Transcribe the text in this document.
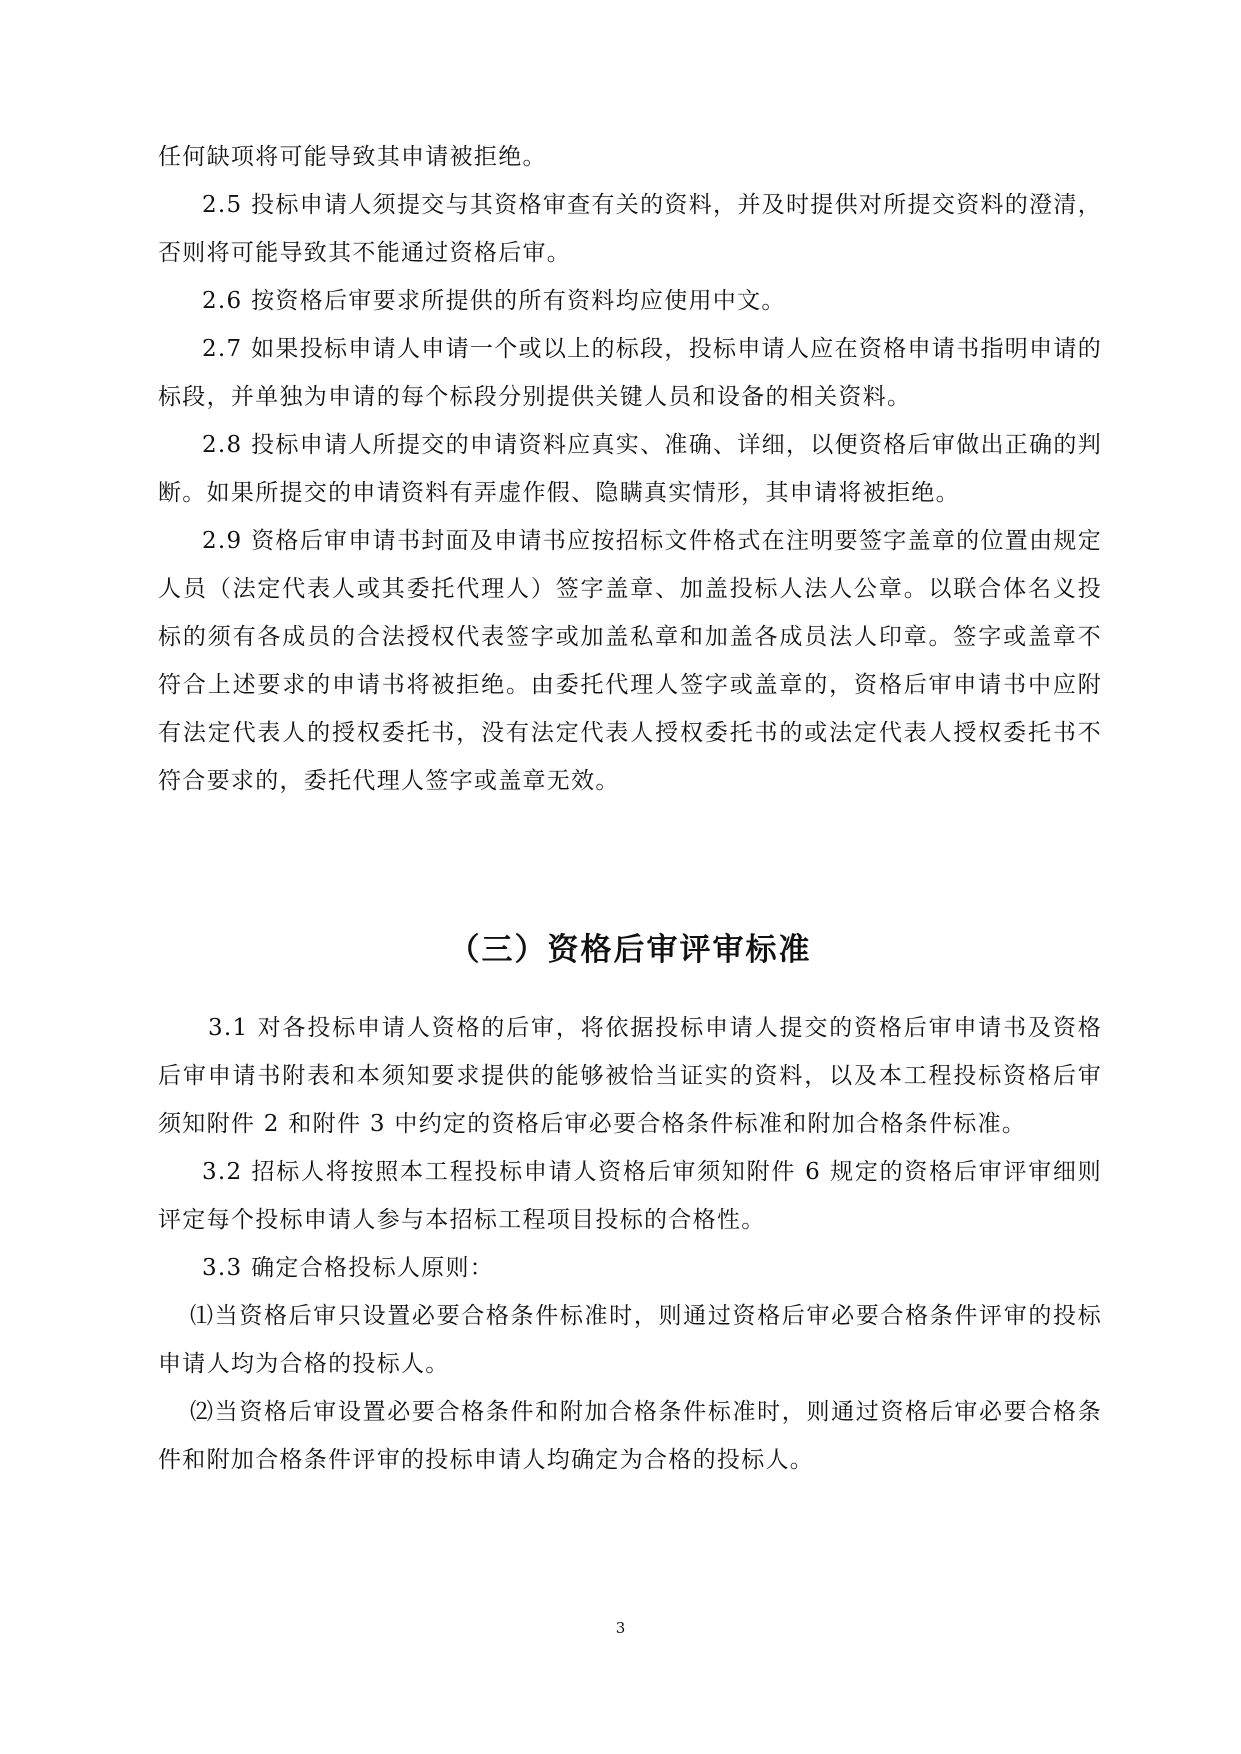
任何缺项将可能导致其申请被拒绝。

2.5 投标申请人须提交与其资格审查有关的资料，并及时提供对所提交资料的澄清，否则将可能导致其不能通过资格后审。

2.6 按资格后审要求所提供的所有资料均应使用中文。

2.7 如果投标申请人申请一个或以上的标段，投标申请人应在资格申请书指明申请的标段，并单独为申请的每个标段分别提供关键人员和设备的相关资料。

2.8 投标申请人所提交的申请资料应真实、准确、详细，以便资格后审做出正确的判断。如果所提交的申请资料有弄虚作假、隐瞒真实情形，其申请将被拒绝。

2.9 资格后审申请书封面及申请书应按招标文件格式在注明要签字盖章的位置由规定人员（法定代表人或其委托代理人）签字盖章、加盖投标人法人公章。以联合体名义投标的须有各成员的合法授权代表签字或加盖私章和加盖各成员法人印章。签字或盖章不符合上述要求的申请书将被拒绝。由委托代理人签字或盖章的，资格后审申请书中应附有法定代表人的授权委托书，没有法定代表人授权委托书的或法定代表人授权委托书不符合要求的，委托代理人签字或盖章无效。

（三）资格后审评审标准

3.1 对各投标申请人资格的后审，将依据投标申请人提交的资格后审申请书及资格后审申请书附表和本须知要求提供的能够被恰当证实的资料，以及本工程投标资格后审须知附件 2 和附件 3 中约定的资格后审必要合格条件标准和附加合格条件标准。

3.2 招标人将按照本工程投标申请人资格后审须知附件 6 规定的资格后审评审细则评定每个投标申请人参与本招标工程项目投标的合格性。

3.3 确定合格投标人原则：

⑴当资格后审只设置必要合格条件标准时，则通过资格后审必要合格条件评审的投标申请人均为合格的投标人。

⑵当资格后审设置必要合格条件和附加合格条件标准时，则通过资格后审必要合格条件和附加合格条件评审的投标申请人均确定为合格的投标人。

3
